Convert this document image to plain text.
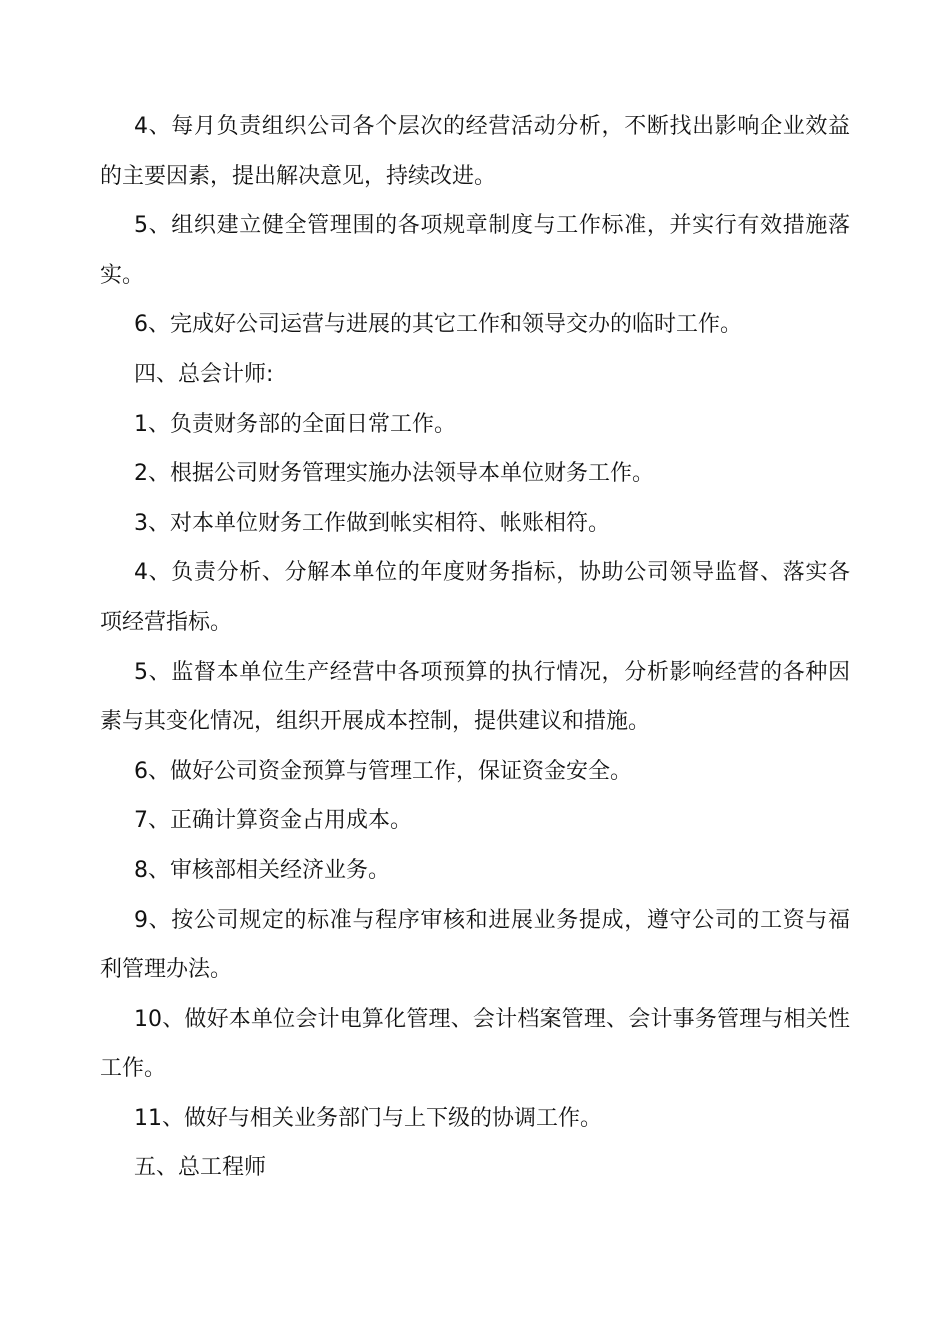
4、每月负责组织公司各个层次的经营活动分析，不断找出影响企业效益的主要因素，提出解决意见，持续改进。

5、组织建立健全管理围的各项规章制度与工作标准，并实行有效措施落实。

6、完成好公司运营与进展的其它工作和领导交办的临时工作。

四、总会计师:

1、负责财务部的全面日常工作。

2、根据公司财务管理实施办法领导本单位财务工作。

3、对本单位财务工作做到帐实相符、帐账相符。

4、负责分析、分解本单位的年度财务指标，协助公司领导监督、落实各项经营指标。

5、监督本单位生产经营中各项预算的执行情况，分析影响经营的各种因素与其变化情况，组织开展成本控制，提供建议和措施。

6、做好公司资金预算与管理工作，保证资金安全。

7、正确计算资金占用成本。

8、审核部相关经济业务。

9、按公司规定的标准与程序审核和进展业务提成，遵守公司的工资与福利管理办法。

10、做好本单位会计电算化管理、会计档案管理、会计事务管理与相关性工作。

11、做好与相关业务部门与上下级的协调工作。

五、总工程师
